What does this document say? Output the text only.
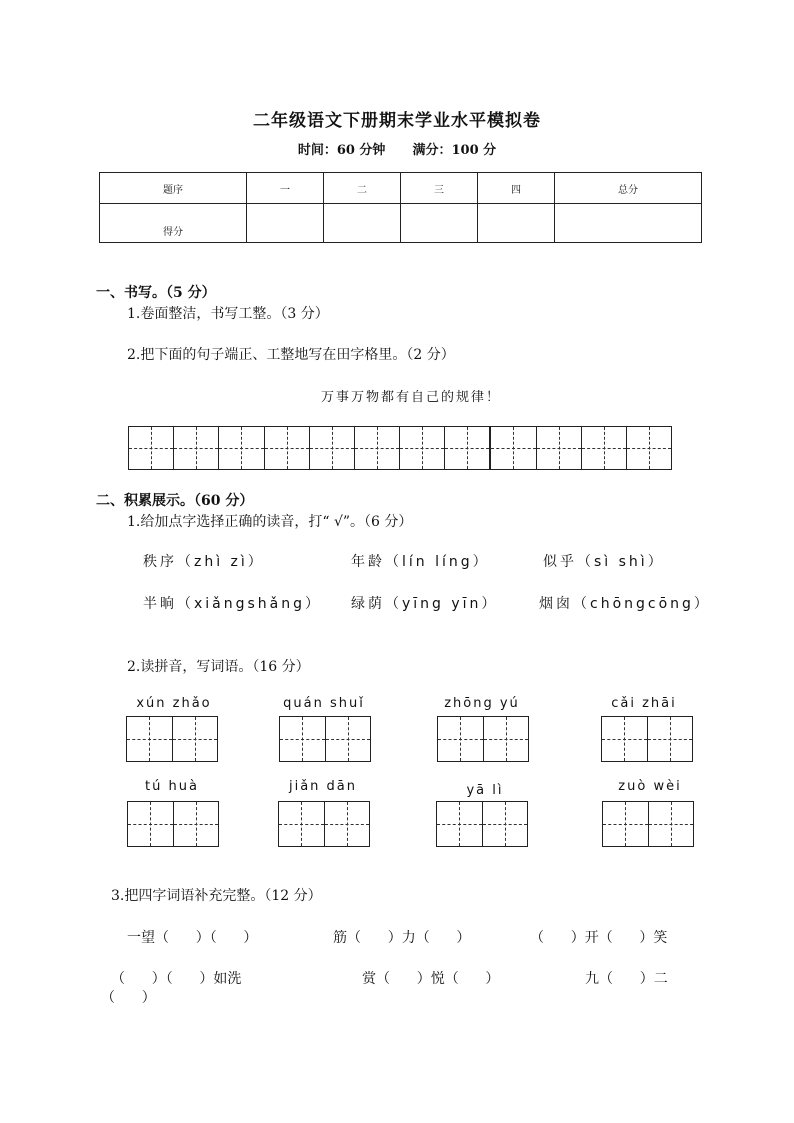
二年级语文下册期末学业水平模拟卷
时间：60 分钟 满分：100 分
题序	一	二	三	四	总分
得分					
一、书写。（5 分）
1.卷面整洁，书写工整。（3 分）
2.把下面的句子端正、工整地写在田字格里。（2 分）
万事万物都有自己的规律！
二、积累展示。（60 分）
1.给加点字选择正确的读音，打“ √”。（6 分）
秩序（zhì zì）	年龄（lín líng）	似乎（sì shì）
半晌（xiǎngshǎng） 绿荫（yīng yīn）	烟囱（chōngcōng）
2.读拼音，写词语。（16 分）
xún zhǎo	quán shuǐ	zhōng yú	cǎi zhāi
tú huà	jiǎn dān	yā lì	zuò wèi
3.把四字词语补充完整。（12 分）
一望（      ）（      ）	筋（      ）力（      ）	（      ）开（      ）笑
（      ）（      ）如洗	赏（      ）悦（      ）	九（      ）二
（      ）
